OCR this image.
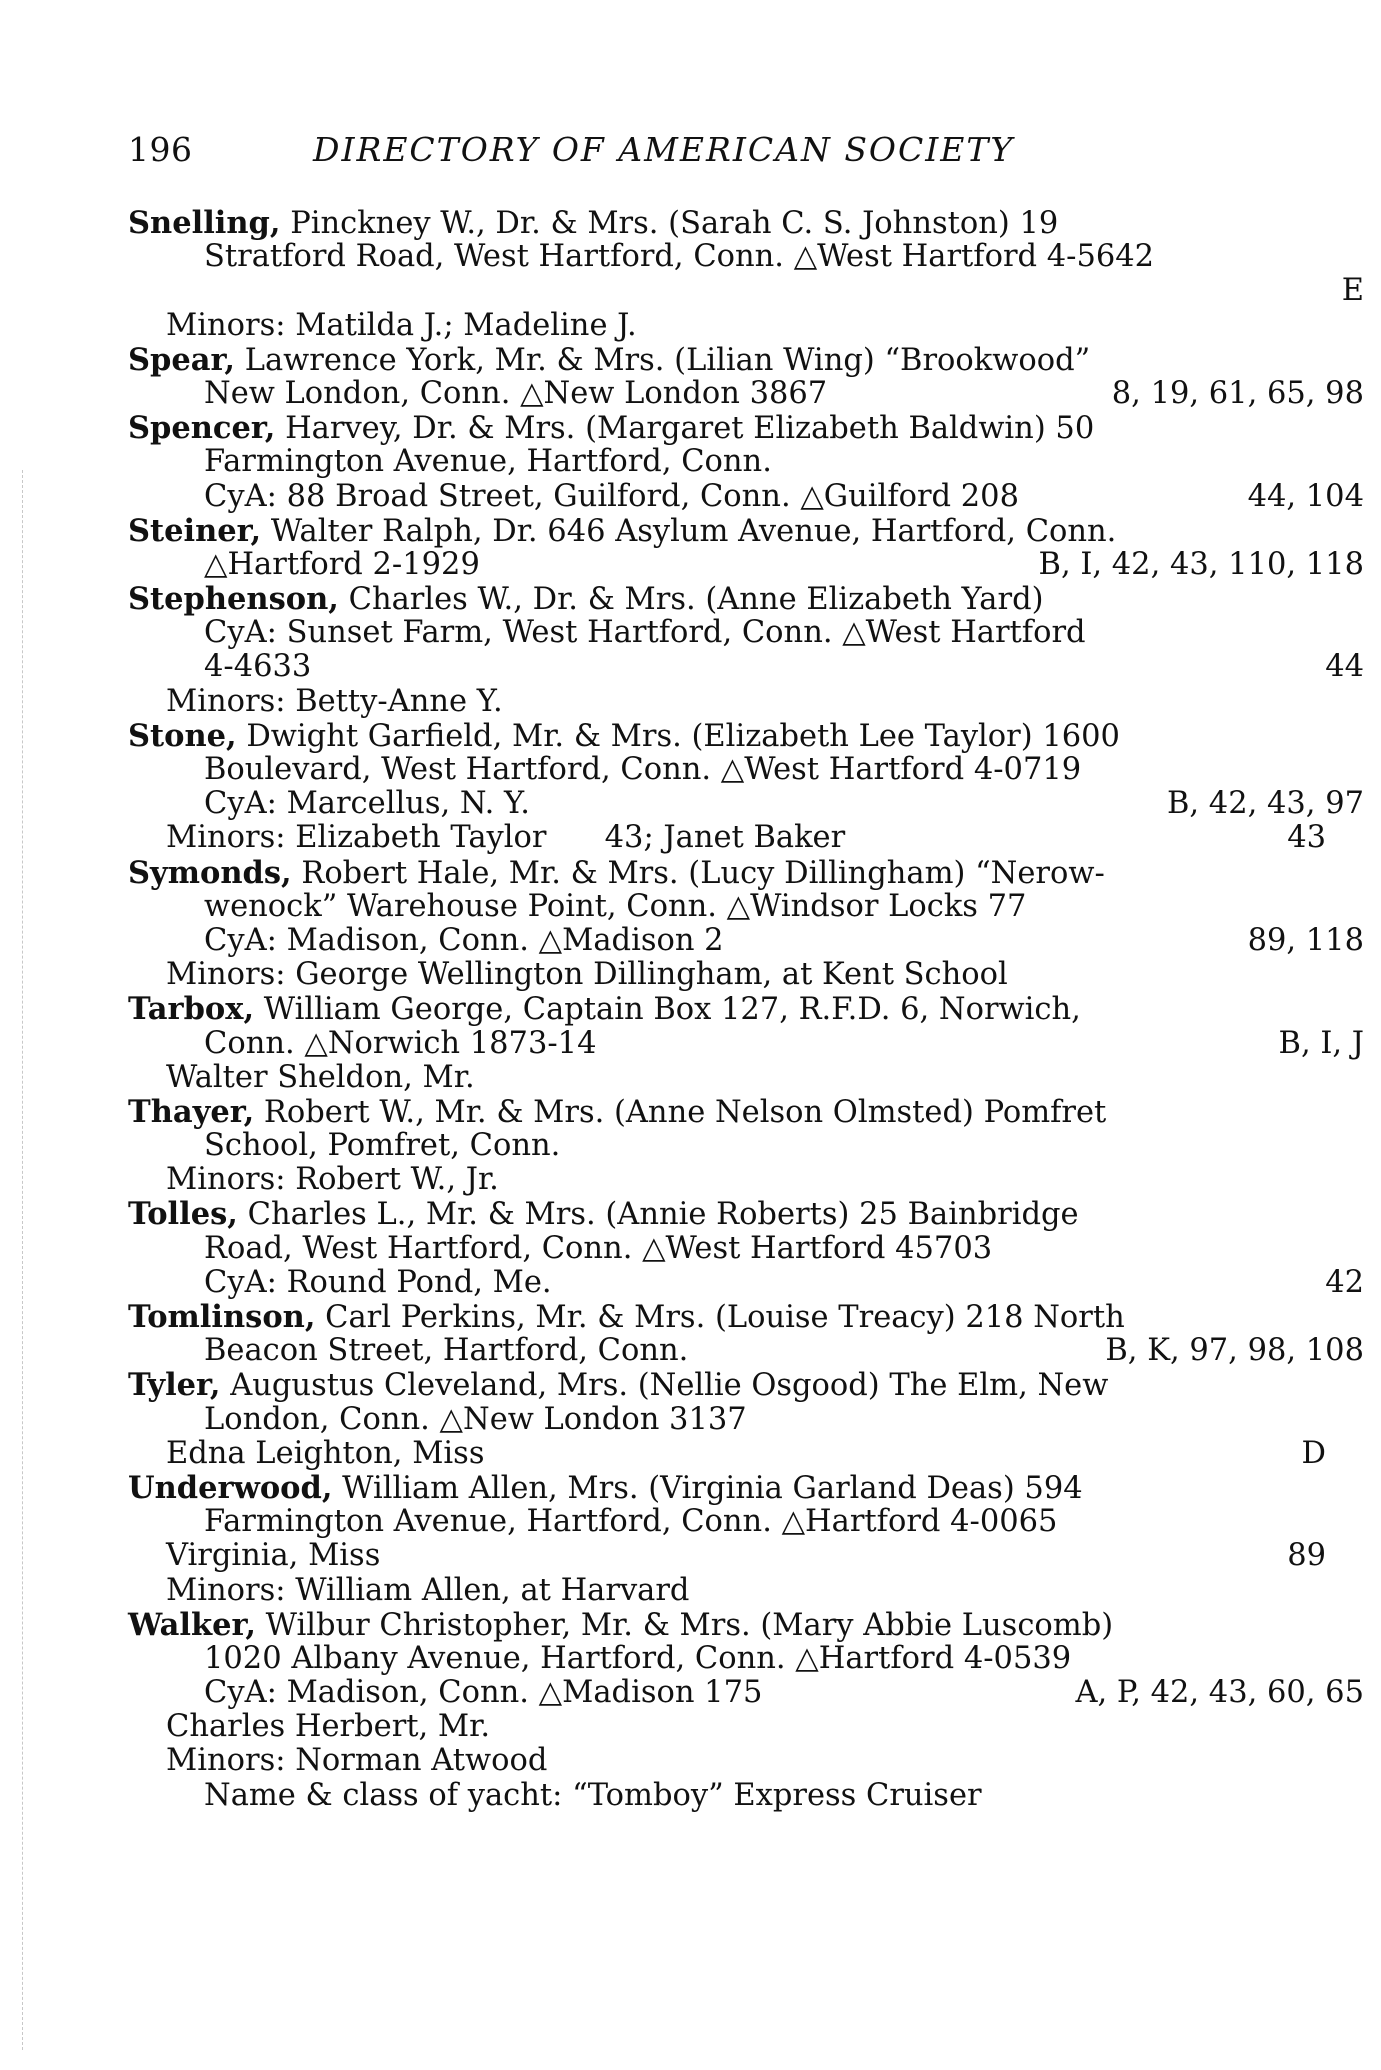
196	DIRECTORY OF AMERICAN SOCIETY
Snelling, Pinckney W., Dr. & Mrs. (Sarah C. S. Johnston) 19
Stratford Road, West Hartford, Conn. △West Hartford 4-5642
E
Minors: Matilda J.; Madeline J.
Spear, Lawrence York, Mr. & Mrs. (Lilian Wing) “Brookwood”
New London, Conn. △New London 3867	8, 19, 61, 65, 98
Spencer, Harvey, Dr. & Mrs. (Margaret Elizabeth Baldwin) 50
Farmington Avenue, Hartford, Conn.
CyA: 88 Broad Street, Guilford, Conn. △Guilford 208	44, 104
Steiner, Walter Ralph, Dr. 646 Asylum Avenue, Hartford, Conn.
△Hartford 2-1929	B, I, 42, 43, 110, 118
Stephenson, Charles W., Dr. & Mrs. (Anne Elizabeth Yard)
CyA: Sunset Farm, West Hartford, Conn. △West Hartford
4-4633	44
Minors: Betty-Anne Y.
Stone, Dwight Garfield, Mr. & Mrs. (Elizabeth Lee Taylor) 1600
Boulevard, West Hartford, Conn. △West Hartford 4-0719
CyA: Marcellus, N. Y.	B, 42, 43, 97
Minors: Elizabeth Taylor      43; Janet Baker	43
Symonds, Robert Hale, Mr. & Mrs. (Lucy Dillingham) “Nerow-
wenock” Warehouse Point, Conn. △Windsor Locks 77
CyA: Madison, Conn. △Madison 2	89, 118
Minors: George Wellington Dillingham, at Kent School
Tarbox, William George, Captain Box 127, R.F.D. 6, Norwich,
Conn. △Norwich 1873-14	B, I, J
Walter Sheldon, Mr.
Thayer, Robert W., Mr. & Mrs. (Anne Nelson Olmsted) Pomfret
School, Pomfret, Conn.
Minors: Robert W., Jr.
Tolles, Charles L., Mr. & Mrs. (Annie Roberts) 25 Bainbridge
Road, West Hartford, Conn. △West Hartford 45703
CyA: Round Pond, Me.	42
Tomlinson, Carl Perkins, Mr. & Mrs. (Louise Treacy) 218 North
Beacon Street, Hartford, Conn.	B, K, 97, 98, 108
Tyler, Augustus Cleveland, Mrs. (Nellie Osgood) The Elm, New
London, Conn. △New London 3137
Edna Leighton, Miss	D
Underwood, William Allen, Mrs. (Virginia Garland Deas) 594
Farmington Avenue, Hartford, Conn. △Hartford 4-0065
Virginia, Miss	89
Minors: William Allen, at Harvard
Walker, Wilbur Christopher, Mr. & Mrs. (Mary Abbie Luscomb)
1020 Albany Avenue, Hartford, Conn. △Hartford 4-0539
CyA: Madison, Conn. △Madison 175	A, P, 42, 43, 60, 65
Charles Herbert, Mr.
Minors: Norman Atwood
Name & class of yacht: “Tomboy” Express Cruiser
